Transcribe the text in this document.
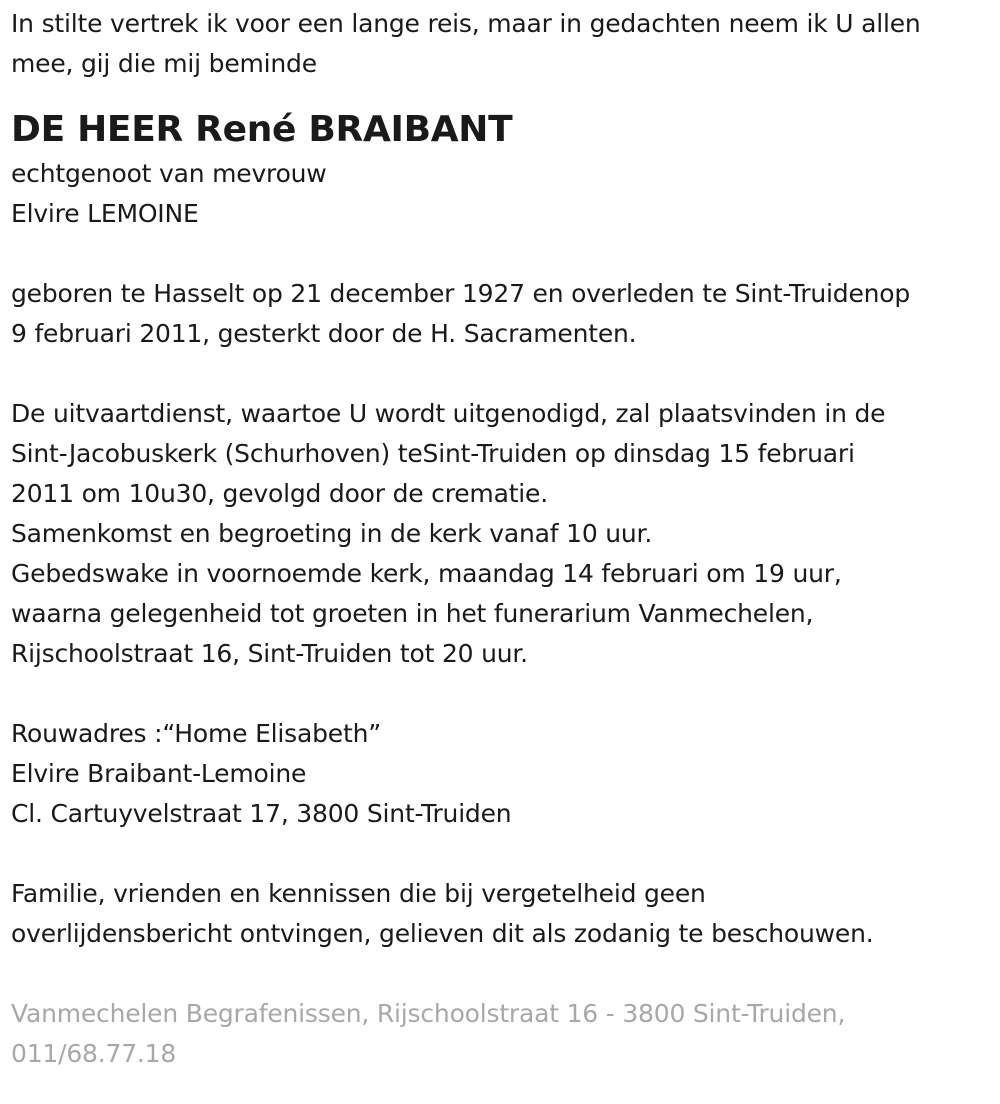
In stilte vertrek ik voor een lange reis, maar in gedachten neem ik U allen
mee, gij die mij beminde
DE HEER René BRAIBANT
echtgenoot van mevrouw
Elvire LEMOINE
geboren te Hasselt op 21 december 1927 en overleden te Sint-Truidenop
9 februari 2011, gesterkt door de H. Sacramenten.
De uitvaartdienst, waartoe U wordt uitgenodigd, zal plaatsvinden in de
Sint-Jacobuskerk (Schurhoven) teSint-Truiden op dinsdag 15 februari
2011 om 10u30, gevolgd door de crematie.
Samenkomst en begroeting in de kerk vanaf 10 uur.
Gebedswake in voornoemde kerk, maandag 14 februari om 19 uur,
waarna gelegenheid tot groeten in het funerarium Vanmechelen,
Rijschoolstraat 16, Sint-Truiden tot 20 uur.
Rouwadres :“Home Elisabeth”
Elvire Braibant-Lemoine
Cl. Cartuyvelstraat 17, 3800 Sint-Truiden
Familie, vrienden en kennissen die bij vergetelheid geen
overlijdensbericht ontvingen, gelieven dit als zodanig te beschouwen.
Vanmechelen Begrafenissen, Rijschoolstraat 16 - 3800 Sint-Truiden,
011/68.77.18
